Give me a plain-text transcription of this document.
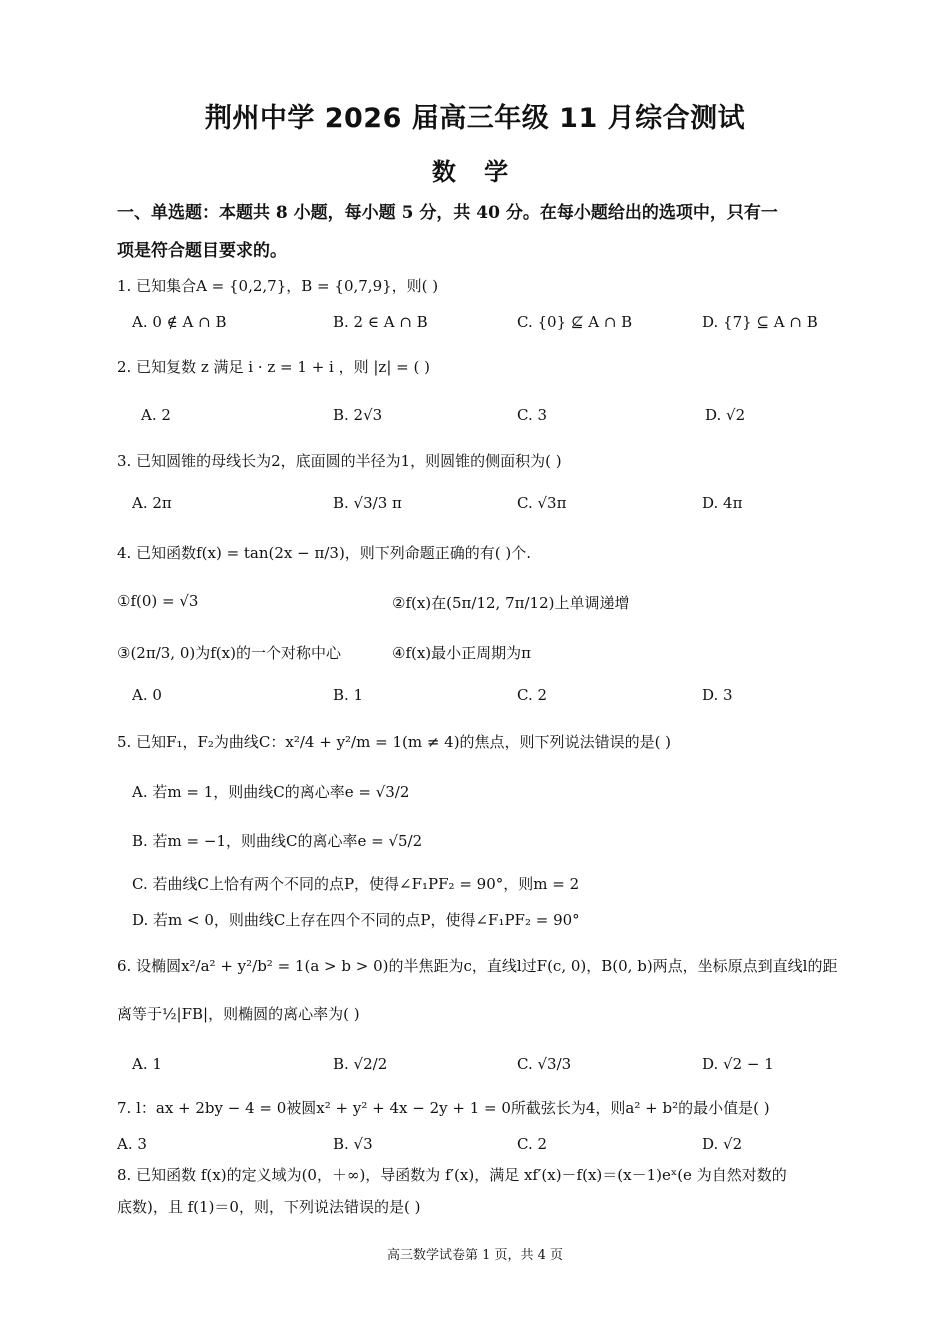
荆州中学 2026 届高三年级 11 月综合测试
数 学
一、单选题：本题共 8 小题，每小题 5 分，共 40 分。在每小题给出的选项中，只有一
项是符合题目要求的。
1. 已知集合A = {0,2,7}，B = {0,7,9}，则( )
A. 0 ∉ A ∩ B	B. 2 ∈ A ∩ B	C. {0} ⊈ A ∩ B	D. {7} ⊆ A ∩ B
2. 已知复数 z 满足 i · z = 1 + i ，则 |z| = ( )
A. 2	B. 2√3	C. 3	D. √2
3. 已知圆锥的母线长为2，底面圆的半径为1，则圆锥的侧面积为( )
A. 2π	B. √3/3 π	C. √3π	D. 4π
4. 已知函数f(x) = tan(2x − π/3)，则下列命题正确的有( )个.
①f(0) = √3	②f(x)在(5π/12, 7π/12)上单调递增
③(2π/3, 0)为f(x)的一个对称中心	④f(x)最小正周期为π
A. 0	B. 1	C. 2	D. 3
5. 已知F₁，F₂为曲线C：x²/4 + y²/m = 1(m ≠ 4)的焦点，则下列说法错误的是( )
A. 若m = 1，则曲线C的离心率e = √3/2
B. 若m = −1，则曲线C的离心率e = √5/2
C. 若曲线C上恰有两个不同的点P，使得∠F₁PF₂ = 90°，则m = 2
D. 若m < 0，则曲线C上存在四个不同的点P，使得∠F₁PF₂ = 90°
6. 设椭圆x²/a² + y²/b² = 1(a > b > 0)的半焦距为c，直线l过F(c, 0)，B(0, b)两点，坐标原点到直线l的距
离等于½|FB|，则椭圆的离心率为( )
A. 1	B. √2/2	C. √3/3	D. √2 − 1
7. l：ax + 2by − 4 = 0被圆x² + y² + 4x − 2y + 1 = 0所截弦长为4，则a² + b²的最小值是( )
A. 3	B. √3	C. 2	D. √2
8. 已知函数 f(x)的定义域为(0，＋∞)，导函数为 f′(x)，满足 xf′(x)－f(x)＝(x－1)eˣ(e 为自然对数的
底数)，且 f(1)＝0，则，下列说法错误的是( )
高三数学试卷第 1 页，共 4 页
